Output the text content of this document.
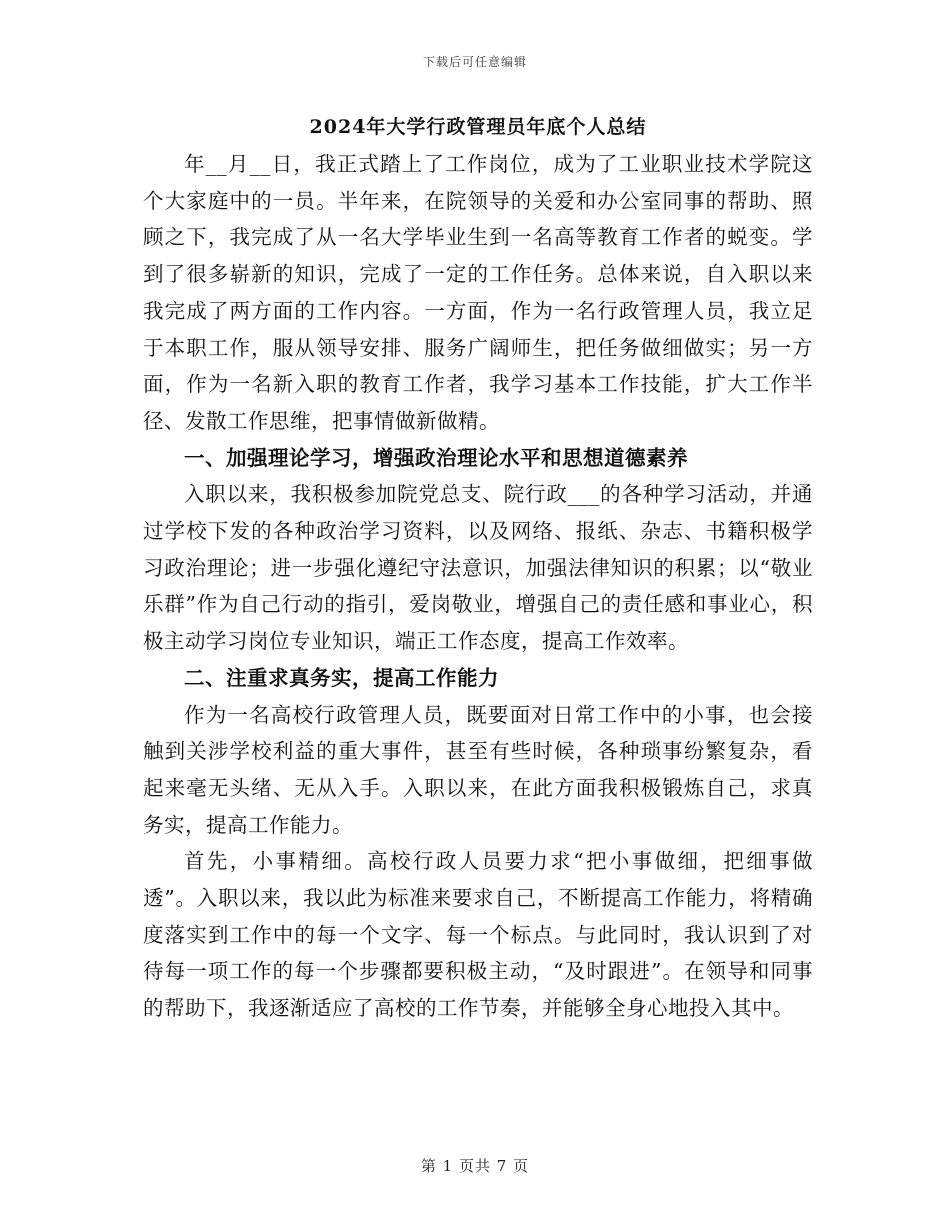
下载后可任意编辑
2024年大学行政管理员年底个人总结

年__月__日，我正式踏上了工作岗位，成为了工业职业技术学院这个大家庭中的一员。半年来，在院领导的关爱和办公室同事的帮助、照顾之下，我完成了从一名大学毕业生到一名高等教育工作者的蜕变。学到了很多崭新的知识，完成了一定的工作任务。总体来说，自入职以来我完成了两方面的工作内容。一方面，作为一名行政管理人员，我立足于本职工作，服从领导安排、服务广阔师生，把任务做细做实；另一方面，作为一名新入职的教育工作者，我学习基本工作技能，扩大工作半径、发散工作思维，把事情做新做精。

一、加强理论学习，增强政治理论水平和思想道德素养

入职以来，我积极参加院党总支、院行政___的各种学习活动，并通过学校下发的各种政治学习资料，以及网络、报纸、杂志、书籍积极学习政治理论；进一步强化遵纪守法意识，加强法律知识的积累；以“敬业乐群”作为自己行动的指引，爱岗敬业，增强自己的责任感和事业心，积极主动学习岗位专业知识，端正工作态度，提高工作效率。

二、注重求真务实，提高工作能力

作为一名高校行政管理人员，既要面对日常工作中的小事，也会接触到关涉学校利益的重大事件，甚至有些时候，各种琐事纷繁复杂，看起来毫无头绪、无从入手。入职以来，在此方面我积极锻炼自己，求真务实，提高工作能力。

首先，小事精细。高校行政人员要力求“把小事做细，把细事做透”。入职以来，我以此为标准来要求自己，不断提高工作能力，将精确度落实到工作中的每一个文字、每一个标点。与此同时，我认识到了对待每一项工作的每一个步骤都要积极主动，“及时跟进”。在领导和同事的帮助下，我逐渐适应了高校的工作节奏，并能够全身心地投入其中。

第 1 页共 7 页
